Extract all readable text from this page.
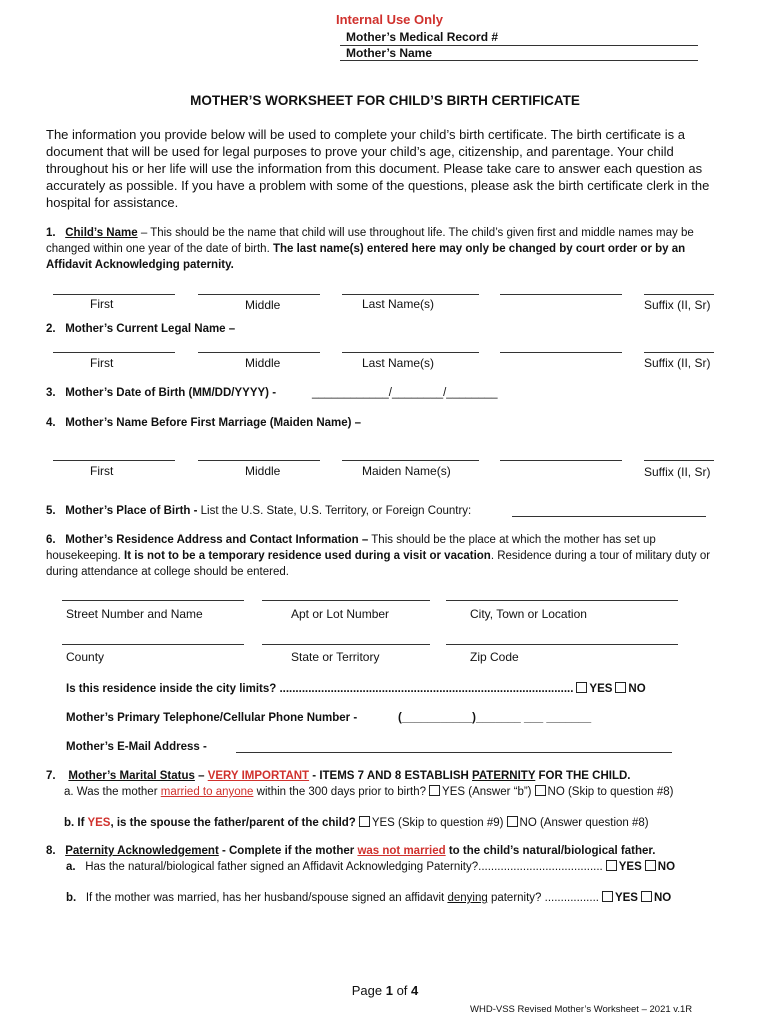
Internal Use Only
Mother’s Medical Record #
Mother’s Name
MOTHER’S WORKSHEET FOR CHILD’S BIRTH CERTIFICATE
The information you provide below will be used to complete your child’s birth certificate. The birth certificate is a document that will be used for legal purposes to prove your child’s age, citizenship, and parentage. Your child throughout his or her life will use the information from this document. Please take care to answer each question as accurately as possible. If you have a problem with some of the questions, please ask the birth certificate clerk in the hospital for assistance.
1. Child’s Name – This should be the name that child will use throughout life. The child’s given first and middle names may be changed within one year of the date of birth. The last name(s) entered here may only be changed by court order or by an Affidavit Acknowledging paternity.
First	Middle	Last Name(s)	Suffix (II, Sr)
2. Mother’s Current Legal Name –
First	Middle	Last Name(s)	Suffix (II, Sr)
3. Mother’s Date of Birth (MM/DD/YYYY) -	____________/________/________
4. Mother’s Name Before First Marriage (Maiden Name) –
First	Middle	Maiden Name(s)	Suffix (II, Sr)
5. Mother’s Place of Birth - List the U.S. State, U.S. Territory, or Foreign Country:
6. Mother’s Residence Address and Contact Information – This should be the place at which the mother has set up housekeeping. It is not to be a temporary residence used during a visit or vacation. Residence during a tour of military duty or during attendance at college should be entered.
Street Number and Name	Apt or Lot Number	City, Town or Location
County	State or Territory	Zip Code
Is this residence inside the city limits? ............................................................................................ YES NO
Mother’s Primary Telephone/Cellular Phone Number -	(___________)_______ ___ _______
Mother’s E-Mail Address -
7. Mother’s Marital Status – VERY IMPORTANT - ITEMS 7 AND 8 ESTABLISH PATERNITY FOR THE CHILD.
a. Was the mother married to anyone within the 300 days prior to birth? YES (Answer “b”) NO (Skip to question #8)
b. If YES, is the spouse the father/parent of the child? YES (Skip to question #9) NO (Answer question #8)
8. Paternity Acknowledgement - Complete if the mother was not married to the child’s natural/biological father.
a. Has the natural/biological father signed an Affidavit Acknowledging Paternity?....................................... YES NO
b. If the mother was married, has her husband/spouse signed an affidavit denying paternity? ................. YES NO
Page 1 of 4
WHD-VSS Revised Mother’s Worksheet – 2021 v.1R
